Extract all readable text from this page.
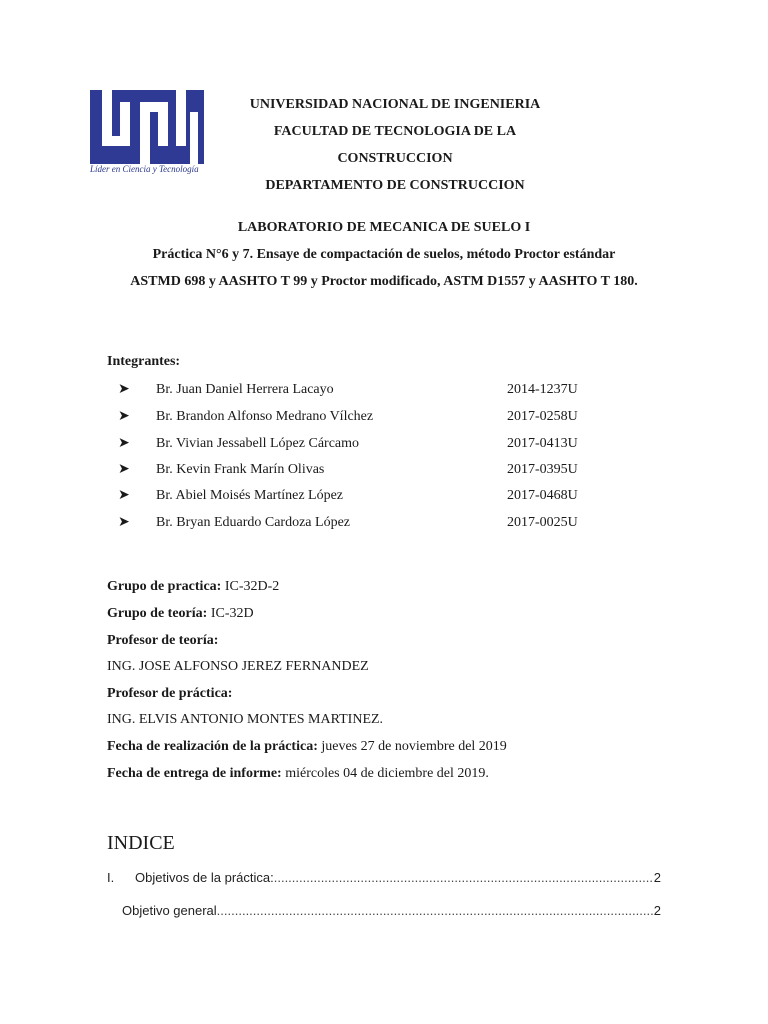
Líder en Ciencia y Tecnología
UNIVERSIDAD NACIONAL DE INGENIERIA
FACULTAD DE TECNOLOGIA DE LA
CONSTRUCCION
DEPARTAMENTO DE CONSTRUCCION
LABORATORIO DE MECANICA DE SUELO I
Práctica N°6 y 7. Ensaye de compactación de suelos, método Proctor estándar
ASTMD 698 y AASHTO T 99 y Proctor modificado, ASTM D1557 y AASHTO T 180.
Integrantes:
➤ Br. Juan Daniel Herrera Lacayo	2014-1237U
➤ Br. Brandon Alfonso Medrano Vílchez	2017-0258U
➤ Br. Vivian Jessabell López Cárcamo	2017-0413U
➤ Br. Kevin Frank Marín Olivas	2017-0395U
➤ Br. Abiel Moisés Martínez López	2017-0468U
➤ Br. Bryan Eduardo Cardoza López	2017-0025U
Grupo de practica: IC-32D-2
Grupo de teoría: IC-32D
Profesor de teoría:
ING. JOSE ALFONSO JEREZ FERNANDEZ
Profesor de práctica:
ING. ELVIS ANTONIO MONTES MARTINEZ.
Fecha de realización de la práctica: jueves 27 de noviembre del 2019
Fecha de entrega de informe: miércoles 04 de diciembre del 2019.
INDICE
I.	Objetivos de la práctica: .....	2
Objetivo general .....	2
